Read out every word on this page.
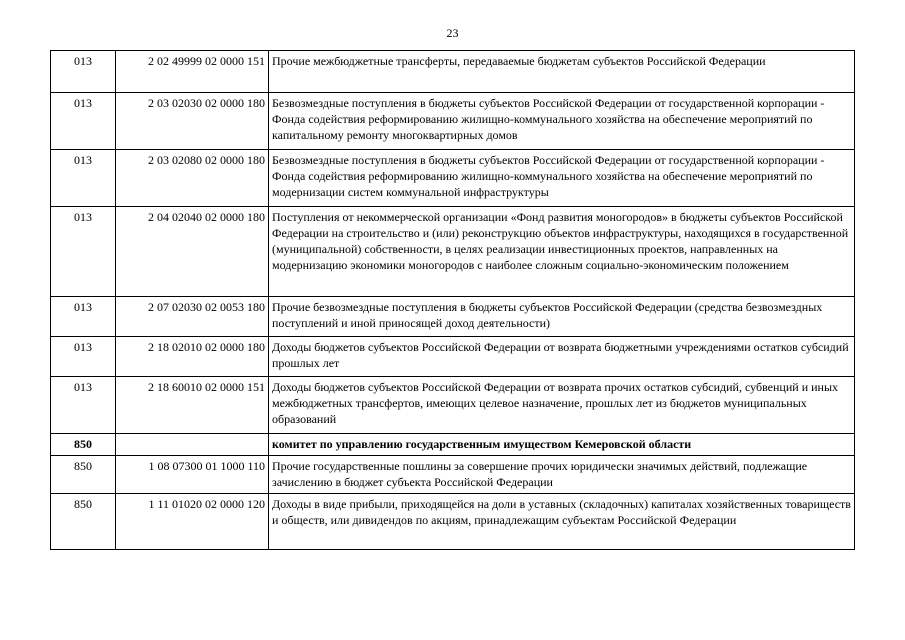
23
013	2 02 49999 02 0000 151	Прочие межбюджетные трансферты, передаваемые бюджетам субъектов Российской Федерации
013	2 03 02030 02 0000 180	Безвозмездные поступления в бюджеты субъектов Российской Федерации от государственной корпорации - Фонда содействия реформированию жилищно-коммунального хозяйства на обеспечение мероприятий по капитальному ремонту многоквартирных домов
013	2 03 02080 02 0000 180	Безвозмездные поступления в бюджеты субъектов Российской Федерации от государственной корпорации - Фонда содействия реформированию жилищно-коммунального хозяйства на обеспечение мероприятий по модернизации систем коммунальной инфраструктуры
013	2 04 02040 02 0000 180	Поступления от некоммерческой организации «Фонд развития моногородов» в бюджеты субъектов Российской Федерации на строительство и (или) реконструкцию объектов инфраструктуры, находящихся в государственной (муниципальной) собственности, в целях реализации инвестиционных проектов, направленных на модернизацию экономики моногородов с наиболее сложным социально-экономическим положением
013	2 07 02030 02 0053 180	Прочие безвозмездные поступления в бюджеты субъектов Российской Федерации (средства безвозмездных поступлений и иной приносящей доход деятельности)
013	2 18 02010 02 0000 180	Доходы бюджетов субъектов Российской Федерации от возврата бюджетными учреждениями остатков субсидий прошлых лет
013	2 18 60010 02 0000 151	Доходы бюджетов субъектов Российской Федерации от возврата прочих остатков субсидий, субвенций и иных межбюджетных трансфертов, имеющих целевое назначение, прошлых лет из бюджетов муниципальных образований
850		комитет по управлению государственным имуществом Кемеровской области
850	1 08 07300 01 1000 110	Прочие государственные пошлины за совершение прочих юридически значимых действий, подлежащие зачислению в бюджет субъекта Российской Федерации
850	1 11 01020 02 0000 120	Доходы в виде прибыли, приходящейся на доли в уставных (складочных) капиталах хозяйственных товариществ и обществ, или дивидендов по акциям, принадлежащим субъектам Российской Федерации
